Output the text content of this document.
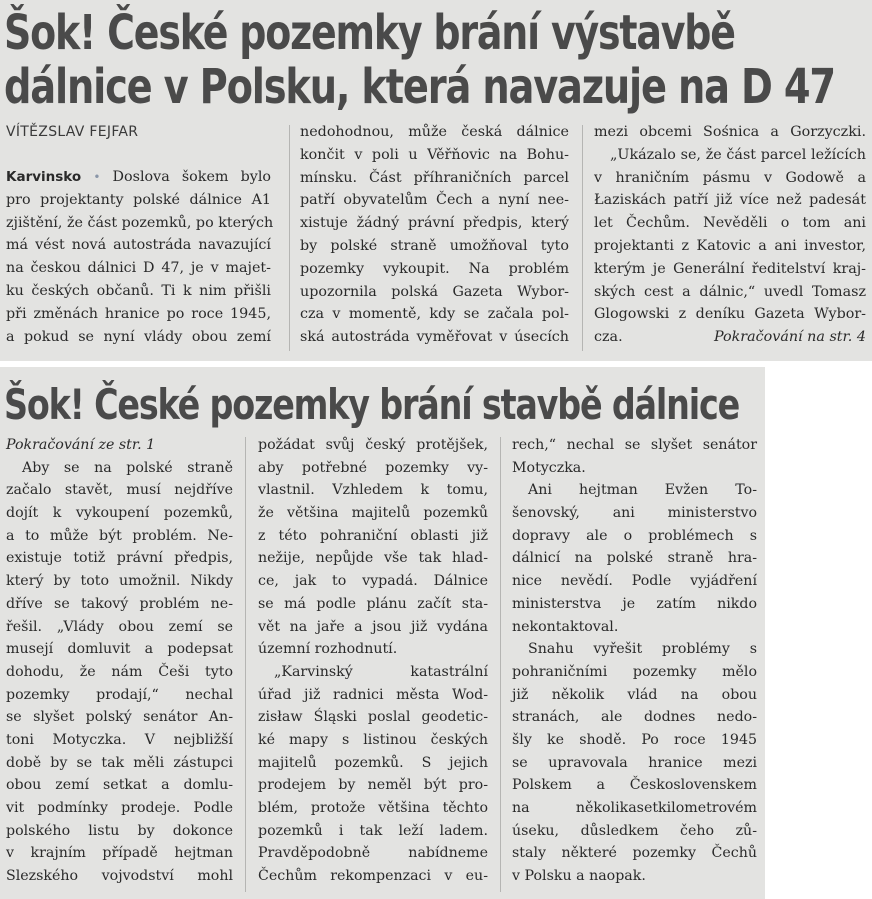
Šok! České pozemky brání výstavbě
dálnice v Polsku, která navazuje na D 47
VÍTĚZSLAV FEJFAR

Karvinsko • Doslova šokem bylo
pro projektanty polské dálnice A1
zjištění, že část pozemků, po kterých
má vést nová autostráda navazující
na českou dálnici D 47, je v majet-
ku českých občanů. Ti k nim přišli
při změnách hranice po roce 1945,
a pokud se nyní vlády obou zemí

nedohodnou, může česká dálnice
končit v poli u Věřňovic na Bohu-
mínsku. Část příhraničních parcel
patří obyvatelům Čech a nyní nee-
xistuje žádný právní předpis, který
by polské straně umožňoval tyto
pozemky vykoupit. Na problém
upozornila polská Gazeta Wybor-
cza v momentě, kdy se začala pol-
ská autostráda vyměřovat v úsecích

mezi obcemi Sośnica a Gorzyczki.
„Ukázalo se, že část parcel ležících
v hraničním pásmu v Godowě a
Łaziskách patří již více než padesát
let Čechům. Nevěděli o tom ani
projektanti z Katovic a ani investor,
kterým je Generální ředitelství kraj-
ských cest a dálnic,“ uvedl Tomasz
Glogowski z deníku Gazeta Wybor-
cza.	Pokračování na str. 4

Šok! České pozemky brání stavbě dálnice

Pokračování ze str. 1
Aby se na polské straně
začalo stavět, musí nejdříve
dojít k vykoupení pozemků,
a to může být problém. Ne-
existuje totiž právní předpis,
který by toto umožnil. Nikdy
dříve se takový problém ne-
řešil. „Vlády obou zemí se
musejí domluvit a podepsat
dohodu, že nám Češi tyto
pozemky prodají,“ nechal
se slyšet polský senátor An-
toni Motyczka. V nejbližší
době by se tak měli zástupci
obou zemí setkat a domlu-
vit podmínky prodeje. Podle
polského listu by dokonce
v krajním případě hejtman
Slezského vojvodství mohl

požádat svůj český protějšek,
aby potřebné pozemky vy-
vlastnil. Vzhledem k tomu,
že většina majitelů pozemků
z této pohraniční oblasti již
nežije, nepůjde vše tak hlad-
ce, jak to vypadá. Dálnice
se má podle plánu začít sta-
vět na jaře a jsou již vydána
územní rozhodnutí.
„Karvinský katastrální
úřad již radnici města Wod-
zisław Śląski poslal geodetic-
ké mapy s listinou českých
majitelů pozemků. S jejich
prodejem by neměl být pro-
blém, protože většina těchto
pozemků i tak leží ladem.
Pravděpodobně nabídneme
Čechům rekompenzaci v eu-

rech,“ nechal se slyšet senátor
Motyczka.
Ani hejtman Evžen To-
šenovský, ani ministerstvo
dopravy ale o problémech s
dálnicí na polské straně hra-
nice nevědí. Podle vyjádření
ministerstva je zatím nikdo
nekontaktoval.
Snahu vyřešit problémy s
pohraničními pozemky mělo
již několik vlád na obou
stranách, ale dodnes nedo-
šly ke shodě. Po roce 1945
se upravovala hranice mezi
Polskem a Československem
na několikasetkilometrovém
úseku, důsledkem čeho zů-
staly některé pozemky Čechů
v Polsku a naopak.
